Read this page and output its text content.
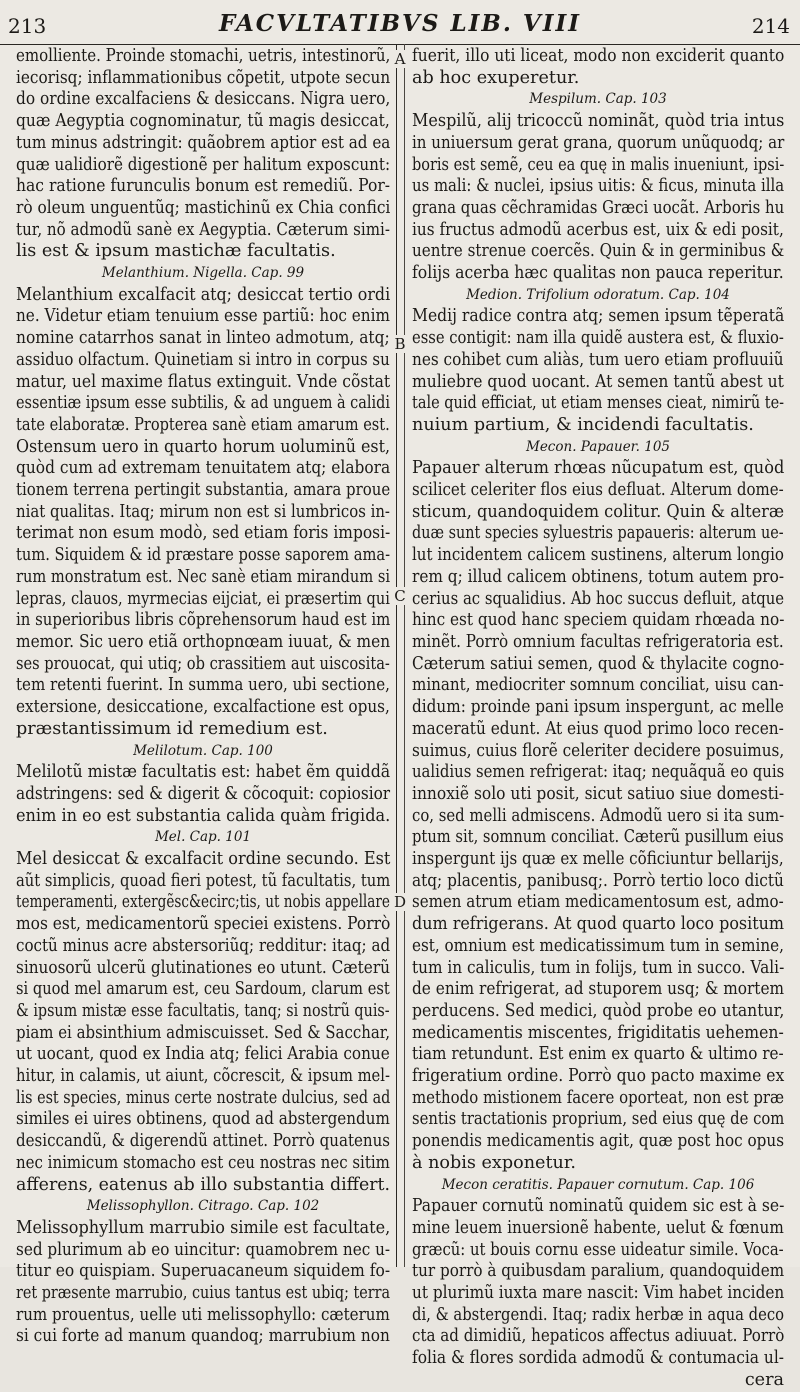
213	FACVLTATIBVS LIB. VIII	214
A
B
C
D
emolliente. Proinde stomachi, uetris, intestinorũ,
iecorisq; inflammationibus cõpetit, utpote secun
do ordine excalfaciens & desiccans. Nigra uero,
quæ Aegyptia cognominatur, tũ magis desiccat,
tum minus adstringit: quãobrem aptior est ad ea
quæ ualidiorẽ digestionẽ per halitum exposcunt:
hac ratione furunculis bonum est remediũ. Por-
rò oleum unguentũq; mastichinũ ex Chia confici
tur, nõ admodũ sanè ex Aegyptia. Cæterum simi-
lis est & ipsum mastichæ facultatis.
Melanthium. Nigella. Cap. 99
Melanthium excalfacit atq; desiccat tertio ordi
ne. Videtur etiam tenuium esse partiũ: hoc enim
nomine catarrhos sanat in linteo admotum, atq;
assiduo olfactum. Quinetiam si intro in corpus su
matur, uel maxime flatus extinguit. Vnde cõstat
essentiæ ipsum esse subtilis, & ad unguem à calidi
tate elaboratæ. Propterea sanè etiam amarum est.
Ostensum uero in quarto horum uoluminũ est,
quòd cum ad extremam tenuitatem atq; elabora
tionem terrena pertingit substantia, amara proue
niat qualitas. Itaq; mirum non est si lumbricos in-
terimat non esum modò, sed etiam foris imposi-
tum. Siquidem & id præstare posse saporem ama-
rum monstratum est. Nec sanè etiam mirandum si
lepras, clauos, myrmecias eijciat, ei præsertim qui
in superioribus libris cõprehensorum haud est im
memor. Sic uero etiã orthopnœam iuuat, & men
ses prouocat, qui utiq; ob crassitiem aut uiscosita-
tem retenti fuerint. In summa uero, ubi sectione,
extersione, desiccatione, excalfactione est opus,
præstantissimum id remedium est.
Melilotum. Cap. 100
Melilotũ mistæ facultatis est: habet ẽm quiddã
adstringens: sed & digerit & cõcoquit: copiosior
enim in eo est substantia calida quàm frigida.
Mel. Cap. 101
Mel desiccat & excalfacit ordine secundo. Est
aũt simplicis, quoad fieri potest, tũ facultatis, tum
temperamenti, extergẽsc&ecirc;tis, ut nobis appellare
mos est, medicamentorũ speciei existens. Porrò
coctũ minus acre abstersoriũq; redditur: itaq; ad
sinuosorũ ulcerũ glutinationes eo utunt. Cæterũ
si quod mel amarum est, ceu Sardoum, clarum est
& ipsum mistæ esse facultatis, tanq; si nostrũ quis-
piam ei absinthium admiscuisset. Sed & Sacchar,
ut uocant, quod ex India atq; felici Arabia conue
hitur, in calamis, ut aiunt, cõcrescit, & ipsum mel-
lis est species, minus certe nostrate dulcius, sed ad
similes ei uires obtinens, quod ad abstergendum
desiccandũ, & digerendũ attinet. Porrò quatenus
nec inimicum stomacho est ceu nostras nec sitim
afferens, eatenus ab illo substantia differt.
Melissophyllon. Citrago. Cap. 102
Melissophyllum marrubio simile est facultate,
sed plurimum ab eo uincitur: quamobrem nec u-
titur eo quispiam. Superuacaneum siquidem fo-
ret præsente marrubio, cuius tantus est ubiq; terra
rum prouentus, uelle uti melissophyllo: cæterum
si cui forte ad manum quandoq; marrubium non
fuerit, illo uti liceat, modo non exciderit quanto
ab hoc exuperetur.
Mespilum. Cap. 103
Mespilũ, alij tricoccũ nominãt, quòd tria intus
in uniuersum gerat grana, quorum unũquodq; ar
boris est semẽ, ceu ea quę in malis inueniunt, ipsi-
us mali: & nuclei, ipsius uitis: & ficus, minuta illa
grana quas cẽchramidas Græci uocãt. Arboris hu
ius fructus admodũ acerbus est, uix & edi posit,
uentre strenue coercẽs. Quin & in germinibus &
folijs acerba hæc qualitas non pauca reperitur.
Medion. Trifolium odoratum. Cap. 104
Medij radice contra atq; semen ipsum tẽperatã
esse contigit: nam illa quidẽ austera est, & fluxio-
nes cohibet cum aliàs, tum uero etiam profluuiũ
muliebre quod uocant. At semen tantũ abest ut
tale quid efficiat, ut etiam menses cieat, nimirũ te-
nuium partium, & incidendi facultatis.
Mecon. Papauer. 105
Papauer alterum rhœas nũcupatum est, quòd
scilicet celeriter flos eius defluat. Alterum dome-
sticum, quandoquidem colitur. Quin & alteræ
duæ sunt species syluestris papaueris: alterum ue-
lut incidentem calicem sustinens, alterum longio
rem q; illud calicem obtinens, totum autem pro-
cerius ac squalidius. Ab hoc succus defluit, atque
hinc est quod hanc speciem quidam rhœada no-
minẽt. Porrò omnium facultas refrigeratoria est.
Cæterum satiui semen, quod & thylacite cogno-
minant, mediocriter somnum conciliat, uisu can-
didum: proinde pani ipsum inspergunt, ac melle
maceratũ edunt. At eius quod primo loco recen-
suimus, cuius florẽ celeriter decidere posuimus,
ualidius semen refrigerat: itaq; nequãquã eo quis
innoxiẽ solo uti posit, sicut satiuo siue domesti-
co, sed melli admiscens. Admodũ uero si ita sum-
ptum sit, somnum conciliat. Cæterũ pusillum eius
inspergunt ijs quæ ex melle cõficiuntur bellarijs,
atq; placentis, panibusq;. Porrò tertio loco dictũ
semen atrum etiam medicamentosum est, admo-
dum refrigerans. At quod quarto loco positum
est, omnium est medicatissimum tum in semine,
tum in caliculis, tum in folijs, tum in succo. Vali-
de enim refrigerat, ad stuporem usq; & mortem
perducens. Sed medici, quòd probe eo utantur,
medicamentis miscentes, frigiditatis uehemen-
tiam retundunt. Est enim ex quarto & ultimo re-
frigeratium ordine. Porrò quo pacto maxime ex
methodo mistionem facere oporteat, non est præ
sentis tractationis proprium, sed eius quę de com
ponendis medicamentis agit, quæ post hoc opus
à nobis exponetur.
Mecon ceratitis. Papauer cornutum. Cap. 106
Papauer cornutũ nominatũ quidem sic est à se-
mine leuem inuersionẽ habente, uelut & fœnum
græcũ: ut bouis cornu esse uideatur simile. Voca-
tur porrò à quibusdam paralium, quandoquidem
ut plurimũ iuxta mare nascit: Vim habet inciden
di, & abstergendi. Itaq; radix herbæ in aqua deco
cta ad dimidiũ, hepaticos affectus adiuuat. Porrò
folia & flores sordida admodũ & contumacia ul-
cera
